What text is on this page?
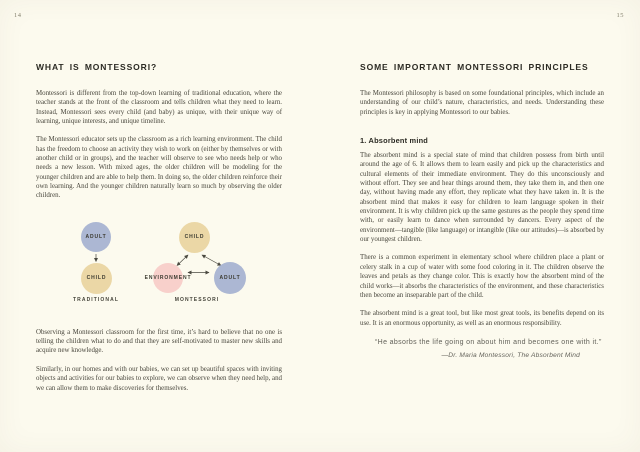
14
WHAT IS MONTESSORI?

Montessori is different from the top-down learning of traditional education, where the teacher stands at the front of the classroom and tells children what they need to learn. Instead, Montessori sees every child (and baby) as unique, with their unique way of learning, unique interests, and unique timeline.

The Montessori educator sets up the classroom as a rich learning environment. The child has the freedom to choose an activity they wish to work on (either by themselves or with another child or in groups), and the teacher will observe to see who needs help or who needs a new lesson. With mixed ages, the older children will be modeling for the younger children and are able to help them. In doing so, the older children reinforce their own learning. And the younger children naturally learn so much by observing the older children.

ADULT
CHILD
TRADITIONAL
CHILD
ENVIRONMENT	ADULT
MONTESSORI

Observing a Montessori classroom for the first time, it’s hard to believe that no one is telling the children what to do and that they are self-motivated to master new skills and acquire new knowledge.

Similarly, in our homes and with our babies, we can set up beautiful spaces with inviting objects and activities for our babies to explore, we can observe when they need help, and we can allow them to make discoveries for themselves.

15
SOME IMPORTANT MONTESSORI PRINCIPLES

The Montessori philosophy is based on some foundational principles, which include an understanding of our child’s nature, characteristics, and needs. Understanding these principles is key in applying Montessori to our babies.

1. Absorbent mind

The absorbent mind is a special state of mind that children possess from birth until around the age of 6. It allows them to learn easily and pick up the characteristics and cultural elements of their immediate environment. They do this unconsciously and without effort. They see and hear things around them, they take them in, and then one day, without having made any effort, they replicate what they have taken in. It is the absorbent mind that makes it easy for children to learn language spoken in their environment. It is why children pick up the same gestures as the people they spend time with, or easily learn to dance when surrounded by dancers. Every aspect of the environment—tangible (like language) or intangible (like our attitudes)—is absorbed by our youngest children.

There is a common experiment in elementary school where children place a plant or celery stalk in a cup of water with some food coloring in it. The children observe the leaves and petals as they change color. This is exactly how the absorbent mind of the child works—it absorbs the characteristics of the environment, and these characteristics then become an inseparable part of the child.

The absorbent mind is a great tool, but like most great tools, its benefits depend on its use. It is an enormous opportunity, as well as an enormous responsibility.

“He absorbs the life going on about him and becomes one with it.”

—Dr. Maria Montessori, The Absorbent Mind
